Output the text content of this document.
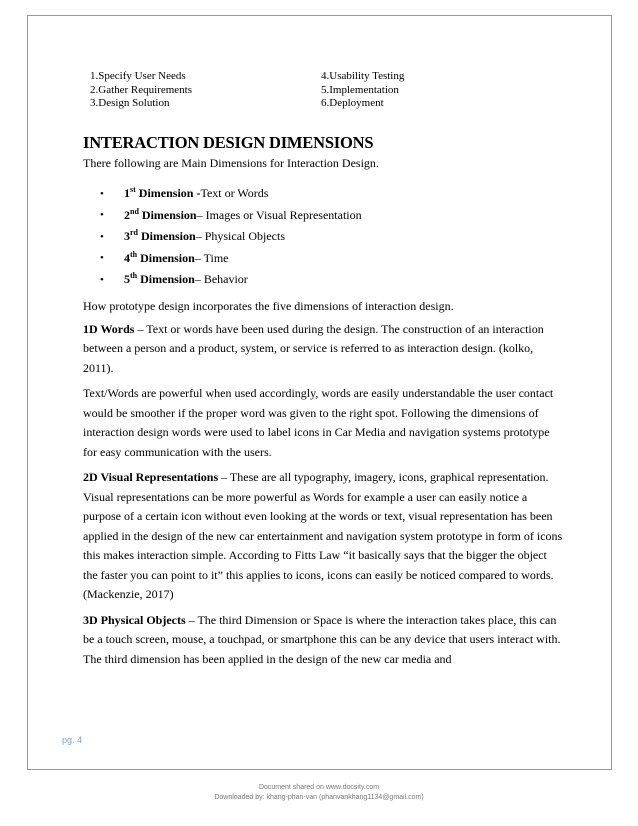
1.Specify User Needs	4.Usability Testing
2.Gather Requirements	5.Implementation
3.Design Solution	6.Deployment
INTERACTION DESIGN DIMENSIONS
There following are Main Dimensions for Interaction Design.
•	1st Dimension - Text or Words
•	2nd Dimension – Images or Visual Representation
•	3rd Dimension – Physical Objects
•	4th Dimension – Time
•	5th Dimension – Behavior

How prototype design incorporates the five dimensions of interaction design.

1D Words – Text or words have been used during the design. The construction of an interaction between a person and a product, system, or service is referred to as interaction design. (kolko, 2011).

Text/Words are powerful when used accordingly, words are easily understandable the user contact would be smoother if the proper word was given to the right spot. Following the dimensions of interaction design words were used to label icons in Car Media and navigation systems prototype for easy communication with the users.

2D Visual Representations – These are all typography, imagery, icons, graphical representation. Visual representations can be more powerful as Words for example a user can easily notice a purpose of a certain icon without even looking at the words or text, visual representation has been applied in the design of the new car entertainment and navigation system prototype in form of icons this makes interaction simple. According to Fitts Law “it basically says that the bigger the object the faster you can point to it” this applies to icons, icons can easily be noticed compared to words.(Mackenzie, 2017)

3D Physical Objects – The third Dimension or Space is where the interaction takes place, this can be a touch screen, mouse, a touchpad, or smartphone this can be any device that users interact with. The third dimension has been applied in the design of the new car media and

pg. 4
Document shared on www.docsity.com
Downloaded by: khang-phan-van (phanvankhang1134@gmail.com)
